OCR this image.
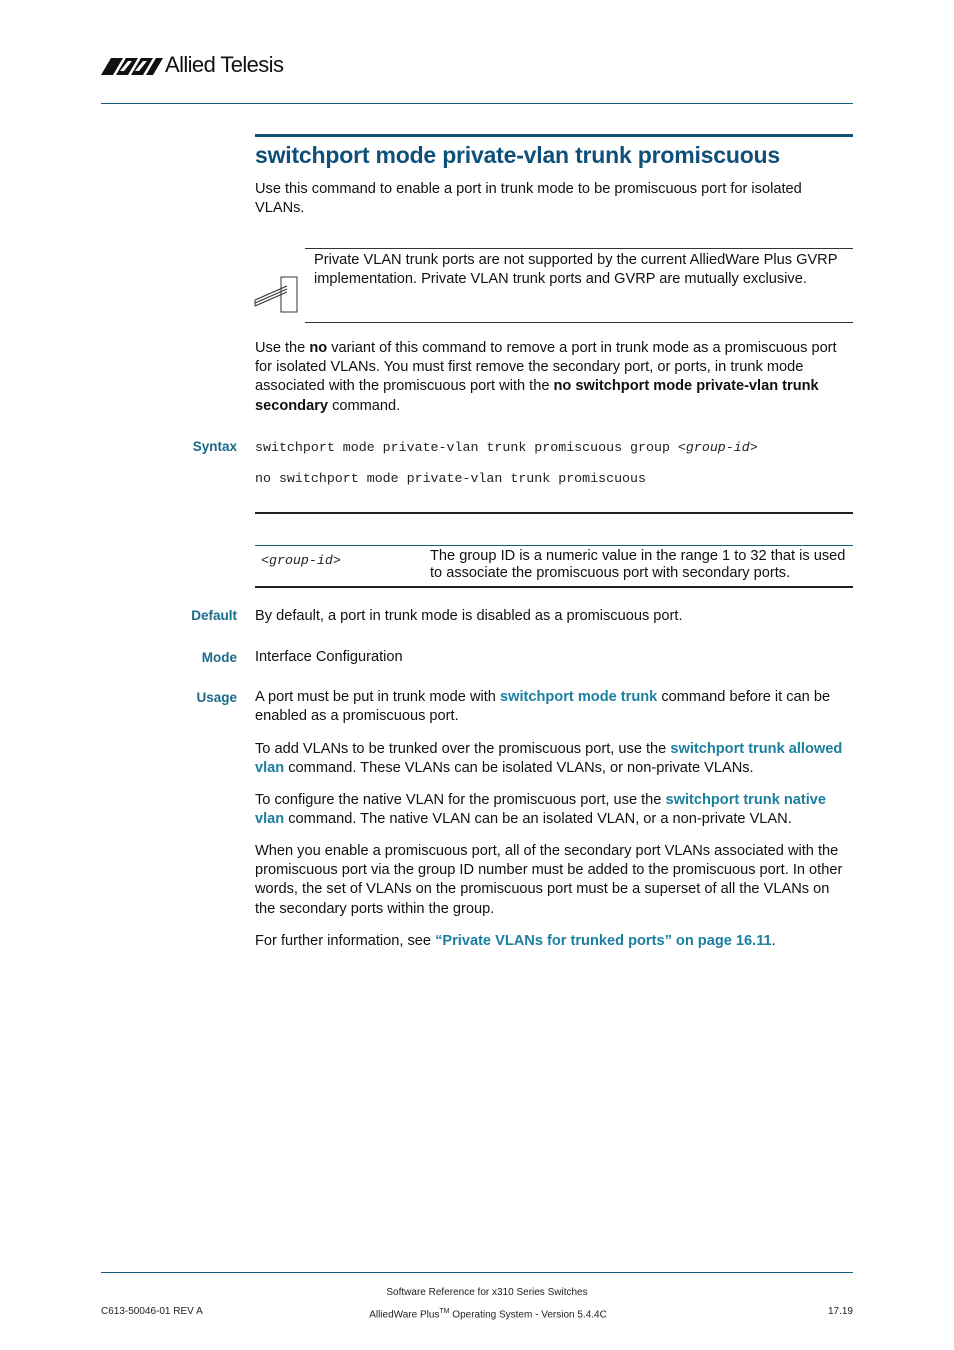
Allied Telesis
switchport mode private-vlan trunk promiscuous
Use this command to enable a port in trunk mode to be promiscuous port for isolated VLANs.
Private VLAN trunk ports are not supported by the current AlliedWare Plus GVRP implementation. Private VLAN trunk ports and GVRP are mutually exclusive.
Use the no variant of this command to remove a port in trunk mode as a promiscuous port for isolated VLANs. You must first remove the secondary port, or ports, in trunk mode associated with the promiscuous port with the no switchport mode private-vlan trunk secondary command.
Syntax switchport mode private-vlan trunk promiscuous group <group-id>
no switchport mode private-vlan trunk promiscuous
<group-id>	The group ID is a numeric value in the range 1 to 32 that is used to associate the promiscuous port with secondary ports.
Default By default, a port in trunk mode is disabled as a promiscuous port.
Mode Interface Configuration
Usage A port must be put in trunk mode with switchport mode trunk command before it can be enabled as a promiscuous port.
To add VLANs to be trunked over the promiscuous port, use the switchport trunk allowed vlan command. These VLANs can be isolated VLANs, or non-private VLANs.
To configure the native VLAN for the promiscuous port, use the switchport trunk native vlan command. The native VLAN can be an isolated VLAN, or a non-private VLAN.
When you enable a promiscuous port, all of the secondary port VLANs associated with the promiscuous port via the group ID number must be added to the promiscuous port. In other words, the set of VLANs on the promiscuous port must be a superset of all the VLANs on the secondary ports within the group.
For further information, see “Private VLANs for trunked ports” on page 16.11.
Software Reference for x310 Series Switches
C613-50046-01 REV A	AlliedWare Plus™ Operating System - Version 5.4.4C	17.19
